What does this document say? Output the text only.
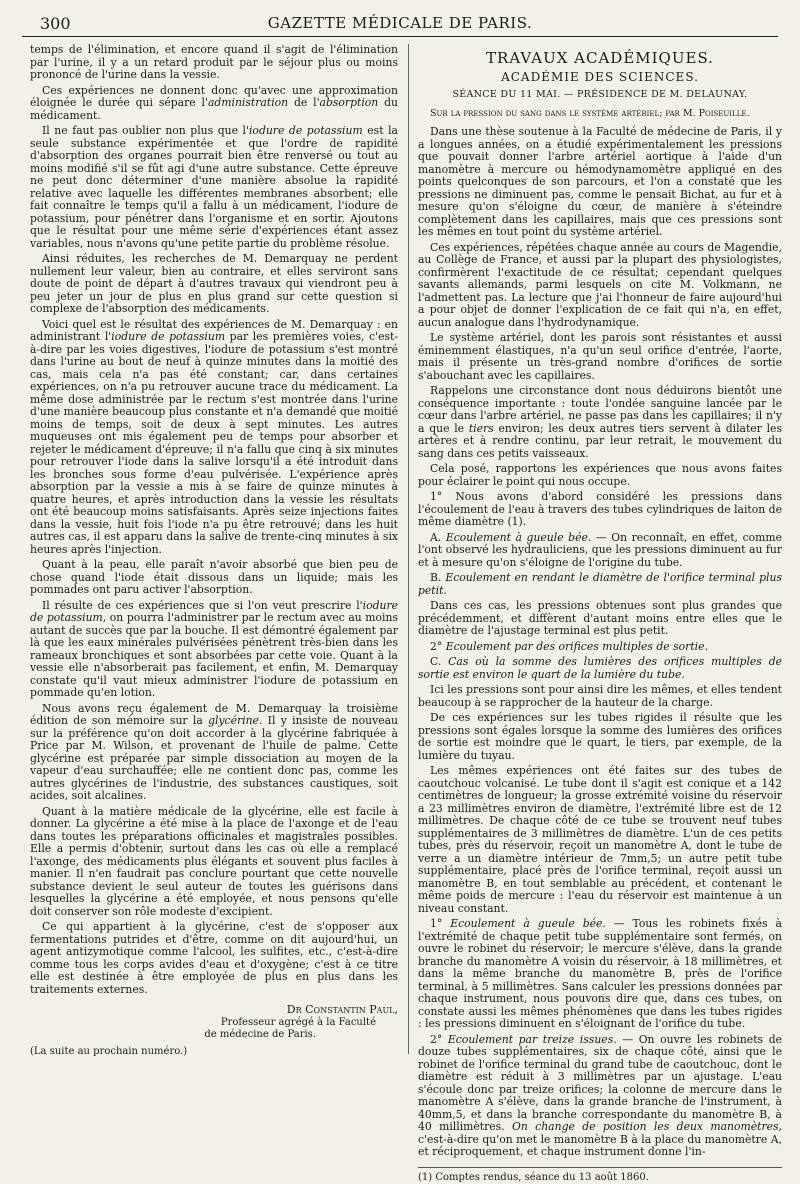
300	GAZETTE MÉDICALE DE PARIS.

temps de l'élimination, et encore quand il s'agit de l'élimination par l'urine, il y a un retard produit par le séjour plus ou moins prononcé de l'urine dans la vessie.

Ces expériences ne donnent donc qu'avec une approximation éloignée le durée qui sépare l'administration de l'absorption du médicament.

Il ne faut pas oublier non plus que l'iodure de potassium est la seule substance expérimentée et que l'ordre de rapidité d'absorption des organes pourrait bien être renversé ou tout au moins modifié s'il se fût agi d'une autre substance. Cette épreuve ne peut donc déterminer d'une manière absolue la rapidité relative avec laquelle les différentes membranes absorbent; elle fait connaître le temps qu'il a fallu à un médicament, l'iodure de potassium, pour pénétrer dans l'organisme et en sortir. Ajoutons que le résultat pour une même série d'expériences étant assez variables, nous n'avons qu'une petite partie du problème résolue.

Ainsi réduites, les recherches de M. Demarquay ne perdent nullement leur valeur, bien au contraire, et elles serviront sans doute de point de départ à d'autres travaux qui viendront peu à peu jeter un jour de plus en plus grand sur cette question si complexe de l'absorption des médicaments.

Voici quel est le résultat des expériences de M. Demarquay : en administrant l'iodure de potassium par les premières voies, c'est-à-dire par les voies digestives, l'iodure de potassium s'est montré dans l'urine au bout de neuf à quinze minutes dans la moitié des cas, mais cela n'a pas été constant; car, dans certaines expériences, on n'a pu retrouver aucune trace du médicament. La même dose administrée par le rectum s'est montrée dans l'urine d'une manière beaucoup plus constante et n'a demandé que moitié moins de temps, soit de deux à sept minutes. Les autres muqueuses ont mis également peu de temps pour absorber et rejeter le médicament d'épreuve; il n'a fallu que cinq à six minutes pour retrouver l'iode dans la salive lorsqu'il a été introduit dans les bronches sous forme d'eau pulvérisée. L'expérience après absorption par la vessie a mis à se faire de quinze minutes à quatre heures, et après introduction dans la vessie les résultats ont été beaucoup moins satisfaisants. Après seize injections faites dans la vessie, huit fois l'iode n'a pu être retrouvé; dans les huit autres cas, il est apparu dans la salive de trente-cinq minutes à six heures après l'injection.

Quant à la peau, elle paraît n'avoir absorbé que bien peu de chose quand l'iode était dissous dans un liquide; mais les pommades ont paru activer l'absorption.

Il résulte de ces expériences que si l'on veut prescrire l'iodure de potassium, on pourra l'administrer par le rectum avec au moins autant de succès que par la bouche. Il est démontré également par là que les eaux minérales pulvérisées pénètrent très-bien dans les rameaux bronchiques et sont absorbées par cette voie. Quant à la vessie elle n'absorberait pas facilement, et enfin, M. Demarquay constate qu'il vaut mieux administrer l'iodure de potassium en pommade qu'en lotion.

Nous avons reçu également de M. Demarquay la troisième édition de son mémoire sur la glycérine. Il y insiste de nouveau sur la préférence qu'on doit accorder à la glycérine fabriquée à Price par M. Wilson, et provenant de l'huile de palme. Cette glycérine est préparée par simple dissociation au moyen de la vapeur d'eau surchauffée; elle ne contient donc pas, comme les autres glycérines de l'industrie, des substances caustiques, soit acides, soit alcalines.

Quant à la matière médicale de la glycérine, elle est facile à donner. La glycérine a été mise à la place de l'axonge et de l'eau dans toutes les préparations officinales et magistrales possibles. Elle a permis d'obtenir, surtout dans les cas où elle a remplacé l'axonge, des médicaments plus élégants et souvent plus faciles à manier. Il n'en faudrait pas conclure pourtant que cette nouvelle substance devient le seul auteur de toutes les guérisons dans lesquelles la glycérine a été employée, et nous pensons qu'elle doit conserver son rôle modeste d'excipient.

Ce qui appartient à la glycérine, c'est de s'opposer aux fermentations putrides et d'être, comme on dit aujourd'hui, un agent antizymotique comme l'alcool, les sulfites, etc., c'est-à-dire comme tous les corps avides d'eau et d'oxygène; c'est à ce titre elle est destinée à être employée de plus en plus dans les traitements externes.

Dr Constantin Paul,
Professeur agrégé à la Faculté
de médecine de Paris.
(La suite au prochain numéro.)
TRAVAUX ACADÉMIQUES.
ACADÉMIE DES SCIENCES.
SÉANCE DU 11 MAI. — PRÉSIDENCE DE M. DELAUNAY.
Sur la pression du sang dans le système artériel; par M. Poiseuille.

Dans une thèse soutenue à la Faculté de médecine de Paris, il y a longues années, on a étudié expérimentalement les pressions que pouvait donner l'arbre artériel aortique à l'aide d'un manomètre à mercure ou hémodynamomètre appliqué en des points quelconques de son parcours, et l'on a constaté que les pressions ne diminuent pas, comme le pensait Bichat, au fur et à mesure qu'on s'éloigne du cœur, de manière à s'éteindre complètement dans les capillaires, mais que ces pressions sont les mêmes en tout point du système artériel.

Ces expériences, répétées chaque année au cours de Magendie, au Collège de France, et aussi par la plupart des physiologistes, confirmèrent l'exactitude de ce résultat; cependant quelques savants allemands, parmi lesquels on cite M. Volkmann, ne l'admettent pas. La lecture que j'ai l'honneur de faire aujourd'hui a pour objet de donner l'explication de ce fait qui n'a, en effet, aucun analogue dans l'hydrodynamique.

Le système artériel, dont les parois sont résistantes et aussi éminemment élastiques, n'a qu'un seul orifice d'entrée, l'aorte, mais il présente un très-grand nombre d'orifices de sortie s'abouchant avec les capillaires.

Rappelons une circonstance dont nous déduirons bientôt une conséquence importante : toute l'ondée sanguine lancée par le cœur dans l'arbre artériel, ne passe pas dans les capillaires; il n'y a que le tiers environ; les deux autres tiers servent à dilater les artères et à rendre continu, par leur retrait, le mouvement du sang dans ces petits vaisseaux.

Cela posé, rapportons les expériences que nous avons faites pour éclairer le point qui nous occupe.

1° Nous avons d'abord considéré les pressions dans l'écoulement de l'eau à travers des tubes cylindriques de laiton de même diamètre (1).

A. Ecoulement à gueule bée. — On reconnaît, en effet, comme l'ont observé les hydrauliciens, que les pressions diminuent au fur et à mesure qu'on s'éloigne de l'origine du tube.

B. Ecoulement en rendant le diamètre de l'orifice terminal plus petit.

Dans ces cas, les pressions obtenues sont plus grandes que précédemment, et diffèrent d'autant moins entre elles que le diamètre de l'ajustage terminal est plus petit.

2° Ecoulement par des orifices multiples de sortie.

C. Cas où la somme des lumières des orifices multiples de sortie est environ le quart de la lumière du tube.

Ici les pressions sont pour ainsi dire les mêmes, et elles tendent beaucoup à se rapprocher de la hauteur de la charge.

De ces expériences sur les tubes rigides il résulte que les pressions sont égales lorsque la somme des lumières des orifices de sortie est moindre que le quart, le tiers, par exemple, de la lumière du tuyau.

Les mêmes expériences ont été faites sur des tubes de caoutchouc volcanisé. Le tube dont il s'agit est conique et a 142 centimètres de longueur; la grosse extrémité voisine du réservoir a 23 millimètres environ de diamètre, l'extrémité libre est de 12 millimètres. De chaque côté de ce tube se trouvent neuf tubes supplémentaires de 3 millimètres de diamètre. L'un de ces petits tubes, près du réservoir, reçoit un manomètre A, dont le tube de verre a un diamètre intérieur de 7mm,5; un autre petit tube supplémentaire, placé près de l'orifice terminal, reçoit aussi un manomètre B, en tout semblable au précédent, et contenant le même poids de mercure : l'eau du réservoir est maintenue à un niveau constant.

1° Ecoulement à gueule bée. — Tous les robinets fixés à l'extrémité de chaque petit tube supplémentaire sont fermés, on ouvre le robinet du réservoir; le mercure s'élève, dans la grande branche du manomètre A voisin du réservoir, à 18 millimètres, et dans la même branche du manomètre B, près de l'orifice terminal, à 5 millimètres. Sans calculer les pressions données par chaque instrument, nous pouvons dire que, dans ces tubes, on constate aussi les mêmes phénomènes que dans les tubes rigides : les pressions diminuent en s'éloignant de l'orifice du tube.

2° Ecoulement par treize issues. — On ouvre les robinets de douze tubes supplémentaires, six de chaque côté, ainsi que le robinet de l'orifice terminal du grand tube de caoutchouc, dont le diamètre est réduit à 3 millimètres par un ajustage. L'eau s'écoule donc par treize orifices; la colonne de mercure dans le manomètre A s'élève, dans la grande branche de l'instrument, à 40mm,5, et dans la branche correspondante du manomètre B, à 40 millimètres. On change de position les deux manomètres, c'est-à-dire qu'on met le manomètre B à la place du manomètre A, et réciproquement, et chaque instrument donne l'in-

(1) Comptes rendus, séance du 13 août 1860.
